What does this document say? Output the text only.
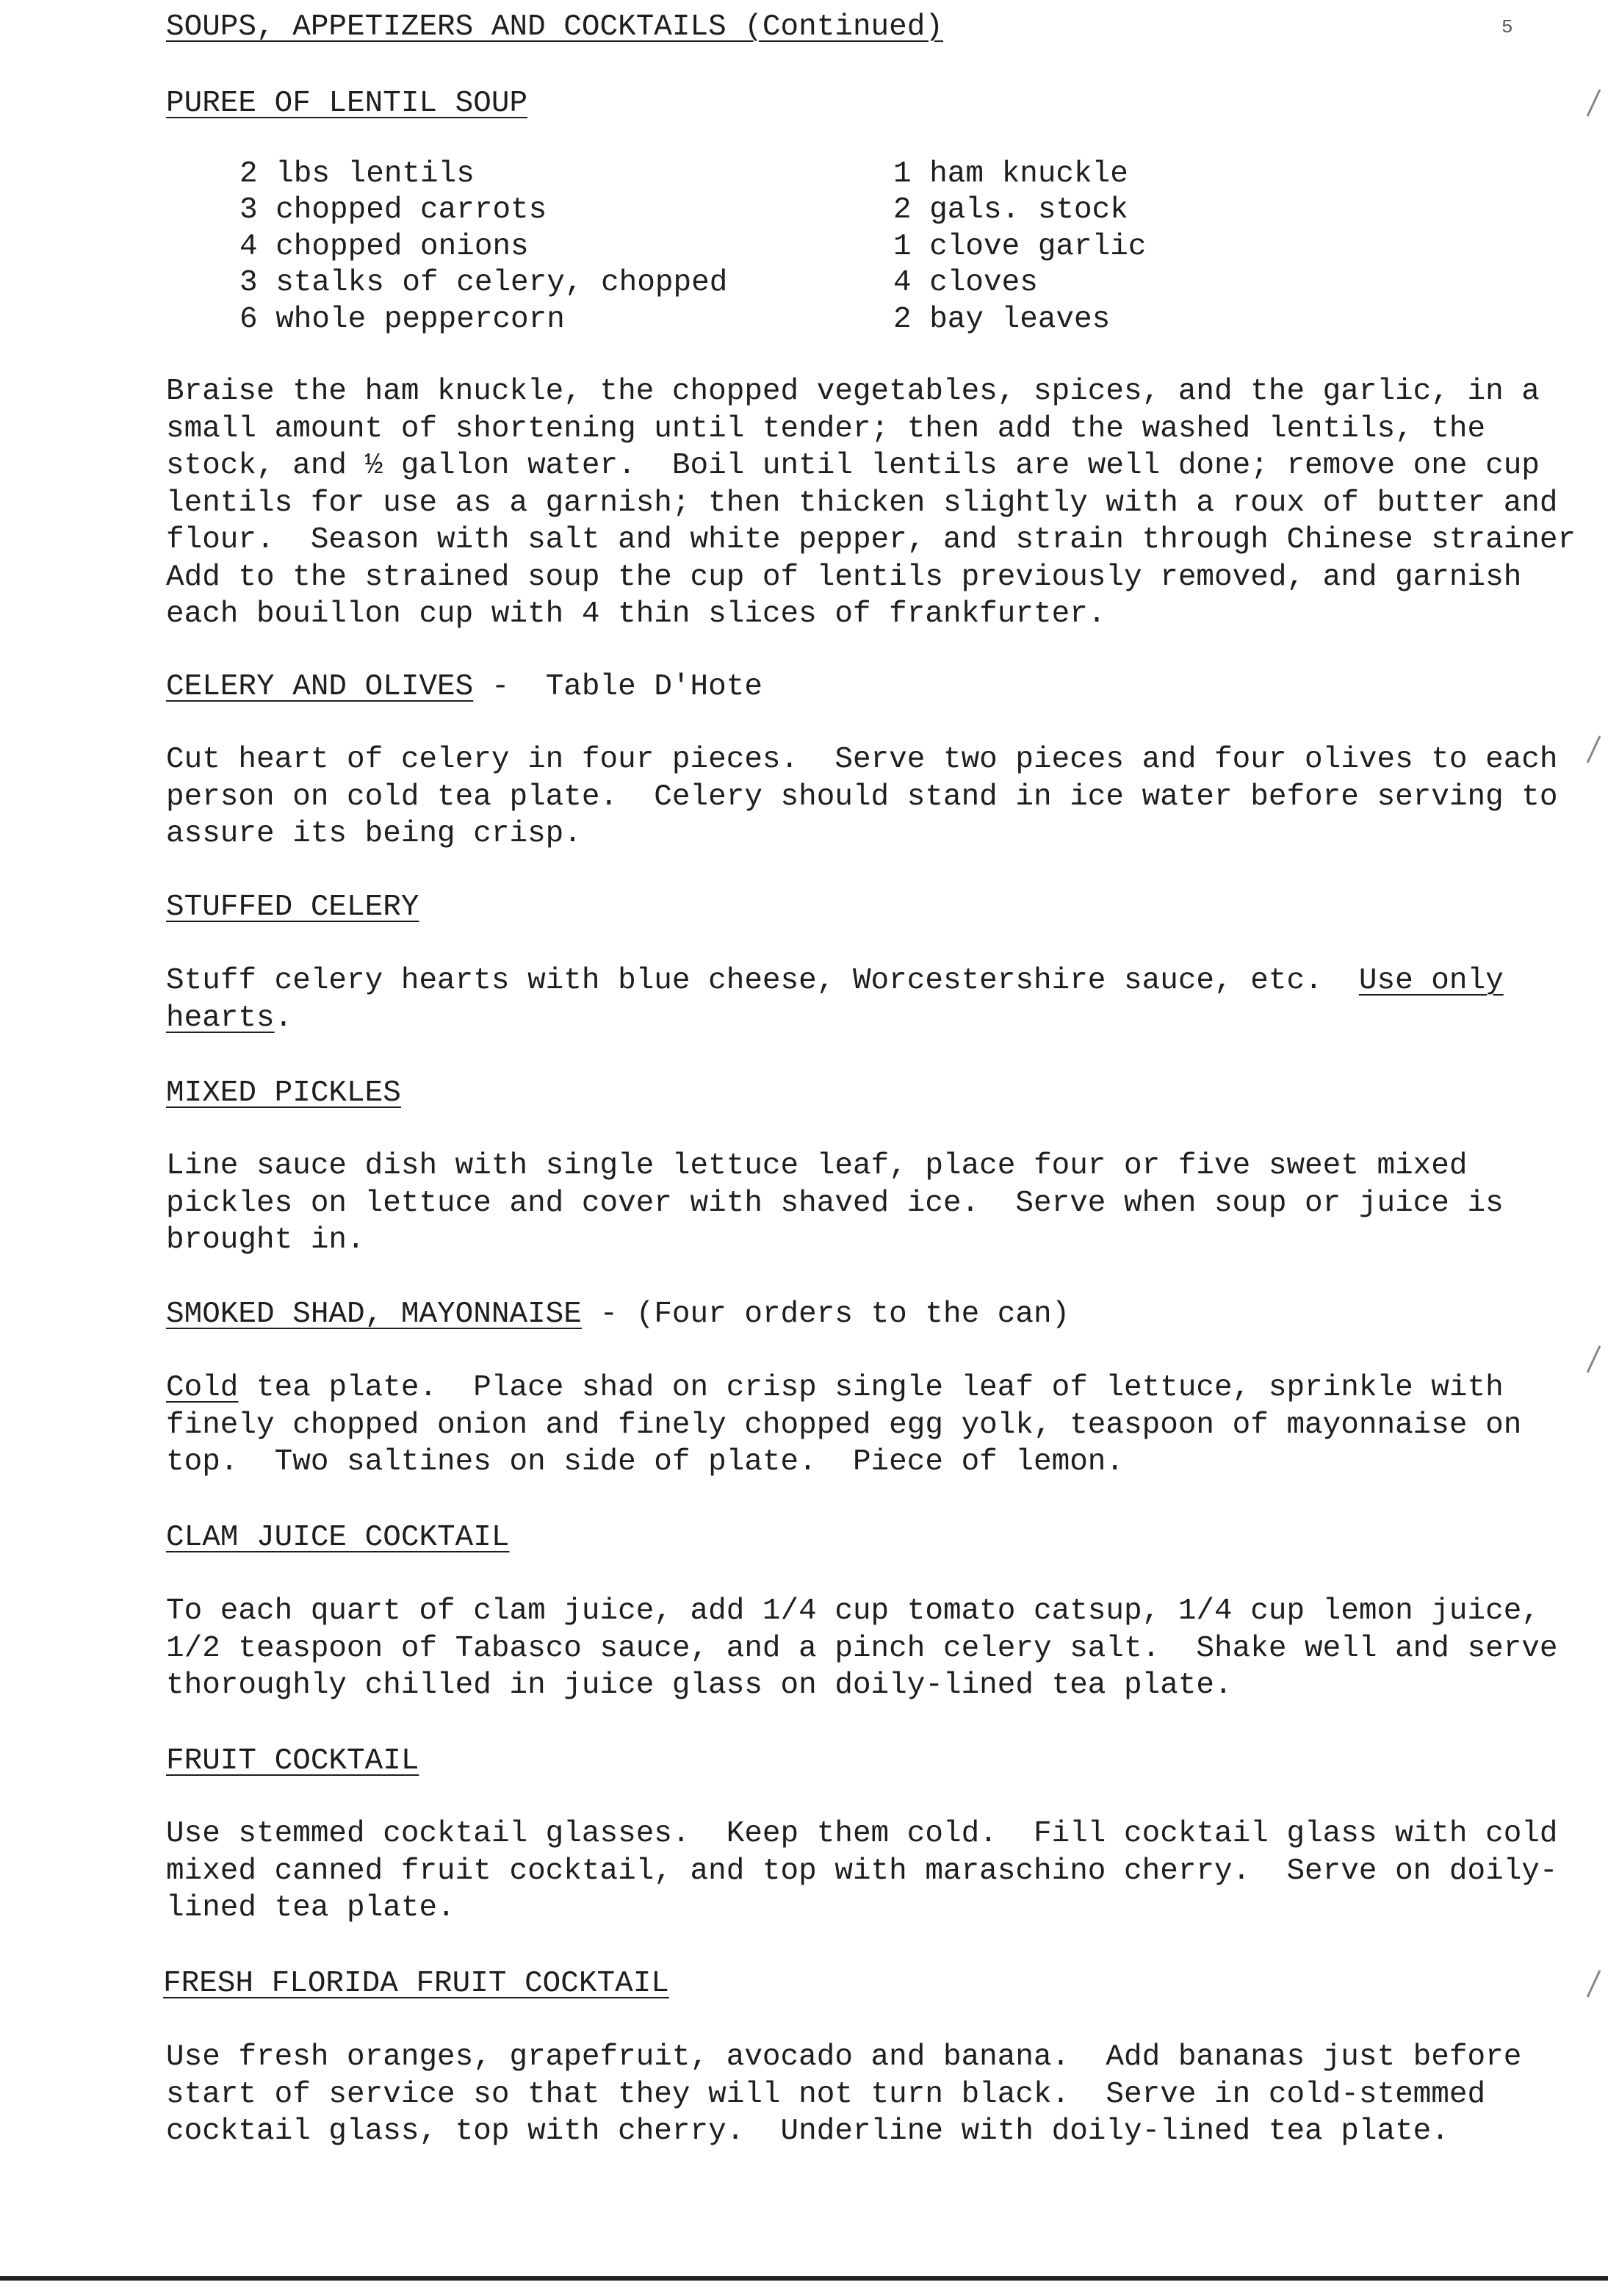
5
SOUPS, APPETIZERS AND COCKTAILS (Continued)
PUREE OF LENTIL SOUP
2 lbs lentils
3 chopped carrots
4 chopped onions
3 stalks of celery, chopped
6 whole peppercorn
1 ham knuckle
2 gals. stock
1 clove garlic
4 cloves
2 bay leaves
Braise the ham knuckle, the chopped vegetables, spices, and the garlic, in a
small amount of shortening until tender; then add the washed lentils, the
stock, and ½ gallon water.  Boil until lentils are well done; remove one cup
lentils for use as a garnish; then thicken slightly with a roux of butter and
flour.  Season with salt and white pepper, and strain through Chinese strainer
Add to the strained soup the cup of lentils previously removed, and garnish
each bouillon cup with 4 thin slices of frankfurter.
CELERY AND OLIVES -  Table D'Hote
Cut heart of celery in four pieces.  Serve two pieces and four olives to each
person on cold tea plate.  Celery should stand in ice water before serving to
assure its being crisp.
STUFFED CELERY
Stuff celery hearts with blue cheese, Worcestershire sauce, etc.  Use only
hearts.
MIXED PICKLES
Line sauce dish with single lettuce leaf, place four or five sweet mixed
pickles on lettuce and cover with shaved ice.  Serve when soup or juice is
brought in.
SMOKED SHAD, MAYONNAISE - (Four orders to the can)
Cold tea plate.  Place shad on crisp single leaf of lettuce, sprinkle with
finely chopped onion and finely chopped egg yolk, teaspoon of mayonnaise on
top.  Two saltines on side of plate.  Piece of lemon.
CLAM JUICE COCKTAIL
To each quart of clam juice, add 1/4 cup tomato catsup, 1/4 cup lemon juice,
1/2 teaspoon of Tabasco sauce, and a pinch celery salt.  Shake well and serve
thoroughly chilled in juice glass on doily-lined tea plate.
FRUIT COCKTAIL
Use stemmed cocktail glasses.  Keep them cold.  Fill cocktail glass with cold
mixed canned fruit cocktail, and top with maraschino cherry.  Serve on doily-
lined tea plate.
FRESH FLORIDA FRUIT COCKTAIL
Use fresh oranges, grapefruit, avocado and banana.  Add bananas just before
start of service so that they will not turn black.  Serve in cold-stemmed
cocktail glass, top with cherry.  Underline with doily-lined tea plate.
